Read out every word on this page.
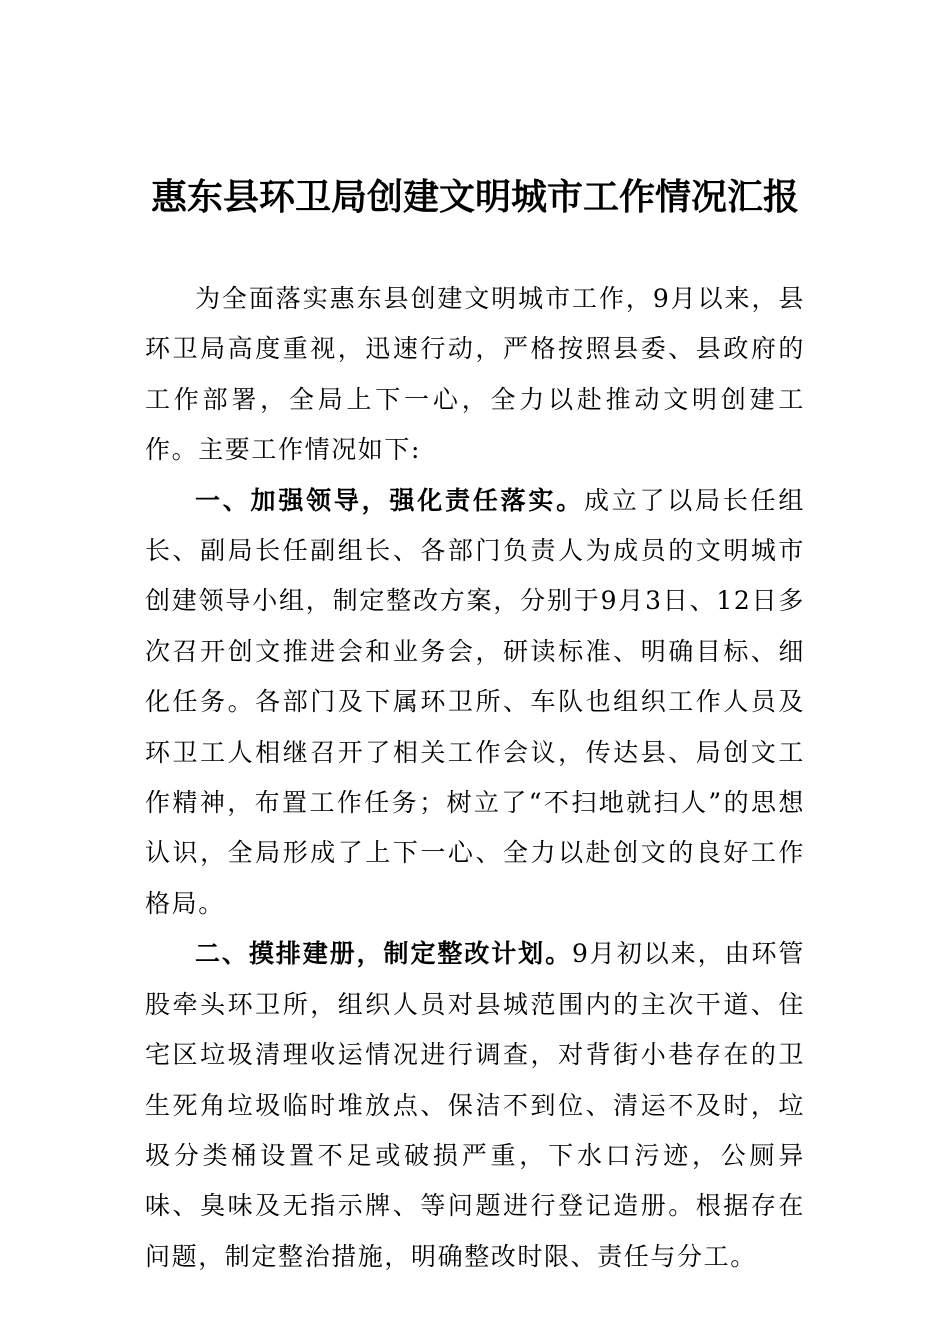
惠东县环卫局创建文明城市工作情况汇报

为全面落实惠东县创建文明城市工作，9月以来，县环卫局高度重视，迅速行动，严格按照县委、县政府的工作部署，全局上下一心，全力以赴推动文明创建工作。主要工作情况如下:

一、加强领导，强化责任落实。成立了以局长任组长、副局长任副组长、各部门负责人为成员的文明城市创建领导小组，制定整改方案，分别于9月3日、12日多次召开创文推进会和业务会，研读标准、明确目标、细化任务。各部门及下属环卫所、车队也组织工作人员及环卫工人相继召开了相关工作会议，传达县、局创文工作精神，布置工作任务；树立了“不扫地就扫人”的思想认识，全局形成了上下一心、全力以赴创文的良好工作格局。

二、摸排建册，制定整改计划。9月初以来，由环管股牵头环卫所，组织人员对县城范围内的主次干道、住宅区垃圾清理收运情况进行调查，对背街小巷存在的卫生死角垃圾临时堆放点、保洁不到位、清运不及时，垃圾分类桶设置不足或破损严重，下水口污迹，公厕异味、臭味及无指示牌、等问题进行登记造册。根据存在问题，制定整治措施，明确整改时限、责任与分工。
